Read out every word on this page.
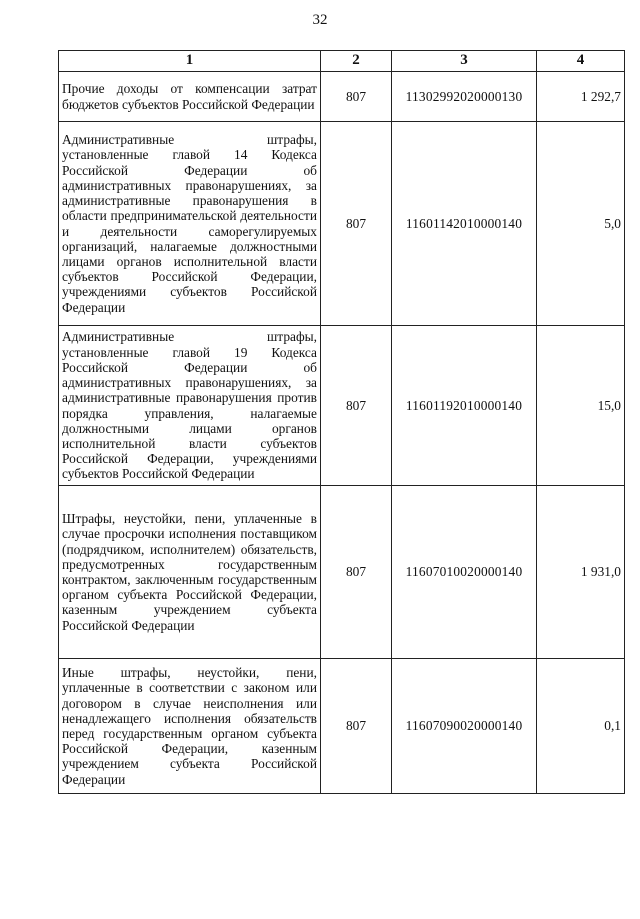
32
1	2	3	4
Прочие доходы от компенсации затрат бюджетов субъектов Российской Федерации	807	11302992020000130	1 292,7
Административные штрафы, установленные главой 14 Кодекса Российской Федерации об административных правонарушениях, за административные правонарушения в области предпринимательской деятельности и деятельности саморегулируемых организаций, налагаемые должностными лицами органов исполнительной власти субъектов Российской Федерации, учреждениями субъектов Российской Федерации	807	11601142010000140	5,0
Административные штрафы, установленные главой 19 Кодекса Российской Федерации об административных правонарушениях, за административные правонарушения против порядка управления, налагаемые должностными лицами органов исполнительной власти субъектов Российской Федерации, учреждениями субъектов Российской Федерации	807	11601192010000140	15,0
Штрафы, неустойки, пени, уплаченные в случае просрочки исполнения поставщиком (подрядчиком, исполнителем) обязательств, предусмотренных государственным контрактом, заключенным государственным органом субъекта Российской Федерации, казенным учреждением субъекта Российской Федерации	807	11607010020000140	1 931,0
Иные штрафы, неустойки, пени, уплаченные в соответствии с законом или договором в случае неисполнения или ненадлежащего исполнения обязательств перед государственным органом субъекта Российской Федерации, казенным учреждением субъекта Российской Федерации	807	11607090020000140	0,1
